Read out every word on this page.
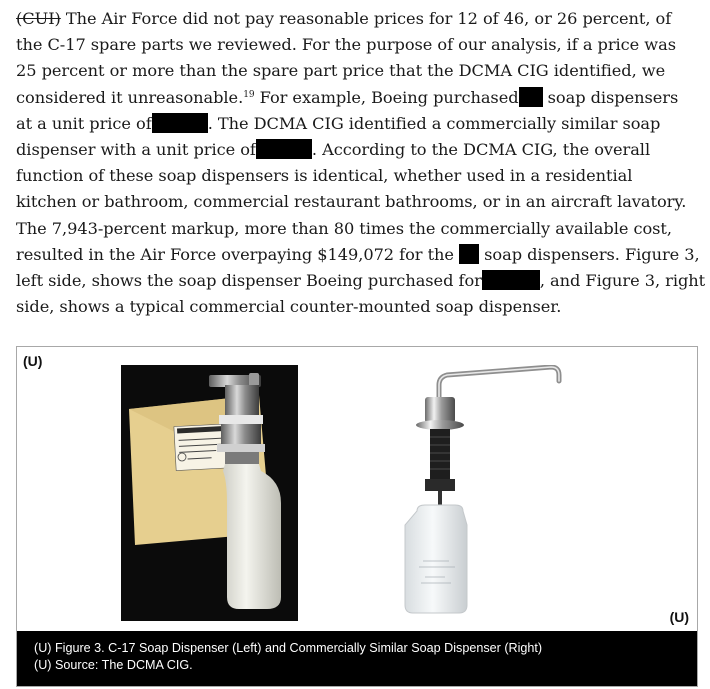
(CUI) The Air Force did not pay reasonable prices for 12 of 46, or 26 percent, of
the C-17 spare parts we reviewed. For the purpose of our analysis, if a price was
25 percent or more than the spare part price that the DCMA CIG identified, we
considered it unreasonable.$^{19}$ For example, Boeing purchased soap dispensers
at a unit price of	. The DCMA CIG identified a commercially similar soap
dispenser with a unit price of	. According to the DCMA CIG, the overall
function of these soap dispensers is identical, whether used in a residential
kitchen or bathroom, commercial restaurant bathrooms, or in an aircraft lavatory.
The 7,943-percent markup, more than 80 times the commercially available cost,
resulted in the Air Force overpaying $149,072 for the  soap dispensers. Figure 3,
left side, shows the soap dispenser Boeing purchased for	, and Figure 3, right
side, shows a typical commercial counter-mounted soap dispenser.
(U)
(U)
(U) Figure 3. C-17 Soap Dispenser (Left) and Commercially Similar Soap Dispenser (Right)
(U) Source: The DCMA CIG.
